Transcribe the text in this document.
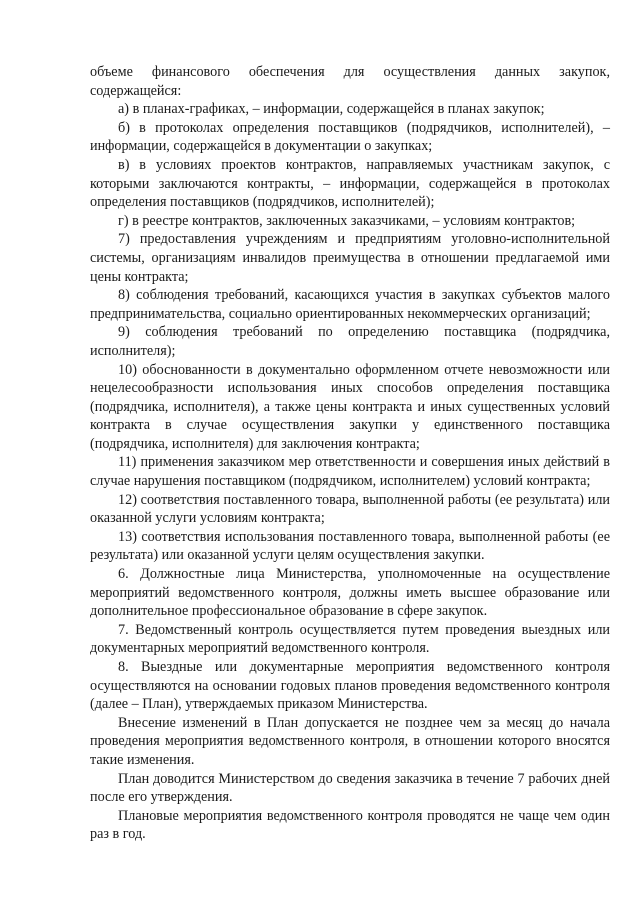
объеме финансового обеспечения для осуществления данных закупок, содержащейся:

а) в планах-графиках, – информации, содержащейся в планах закупок;

б) в протоколах определения поставщиков (подрядчиков, исполнителей), – информации, содержащейся в документации о закупках;

в) в условиях проектов контрактов, направляемых участникам закупок, с которыми заключаются контракты, – информации, содержащейся в протоколах определения поставщиков (подрядчиков, исполнителей);

г) в реестре контрактов, заключенных заказчиками, – условиям контрактов;

7) предоставления учреждениям и предприятиям уголовно-исполнительной системы, организациям инвалидов преимущества в отношении предлагаемой ими цены контракта;

8) соблюдения требований, касающихся участия в закупках субъектов малого предпринимательства, социально ориентированных некоммерческих организаций;

9) соблюдения требований по определению поставщика (подрядчика, исполнителя);

10) обоснованности в документально оформленном отчете невозможности или нецелесообразности использования иных способов определения поставщика (подрядчика, исполнителя), а также цены контракта и иных существенных условий контракта в случае осуществления закупки у единственного поставщика (подрядчика, исполнителя) для заключения контракта;

11) применения заказчиком мер ответственности и совершения иных действий в случае нарушения поставщиком (подрядчиком, исполнителем) условий контракта;

12) соответствия поставленного товара, выполненной работы (ее результата) или оказанной услуги условиям контракта;

13) соответствия использования поставленного товара, выполненной работы (ее результата) или оказанной услуги целям осуществления закупки.

6. Должностные лица Министерства, уполномоченные на осуществление мероприятий ведомственного контроля, должны иметь высшее образование или дополнительное профессиональное образование в сфере закупок.

7. Ведомственный контроль осуществляется путем проведения выездных или документарных мероприятий ведомственного контроля.

8. Выездные или документарные мероприятия ведомственного контроля осуществляются на основании годовых планов проведения ведомственного контроля (далее – План), утверждаемых приказом Министерства.

Внесение изменений в План допускается не позднее чем за месяц до начала проведения мероприятия ведомственного контроля, в отношении которого вносятся такие изменения.

План доводится Министерством до сведения заказчика в течение 7 рабочих дней после его утверждения.

Плановые мероприятия ведомственного контроля проводятся не чаще чем один раз в год.
